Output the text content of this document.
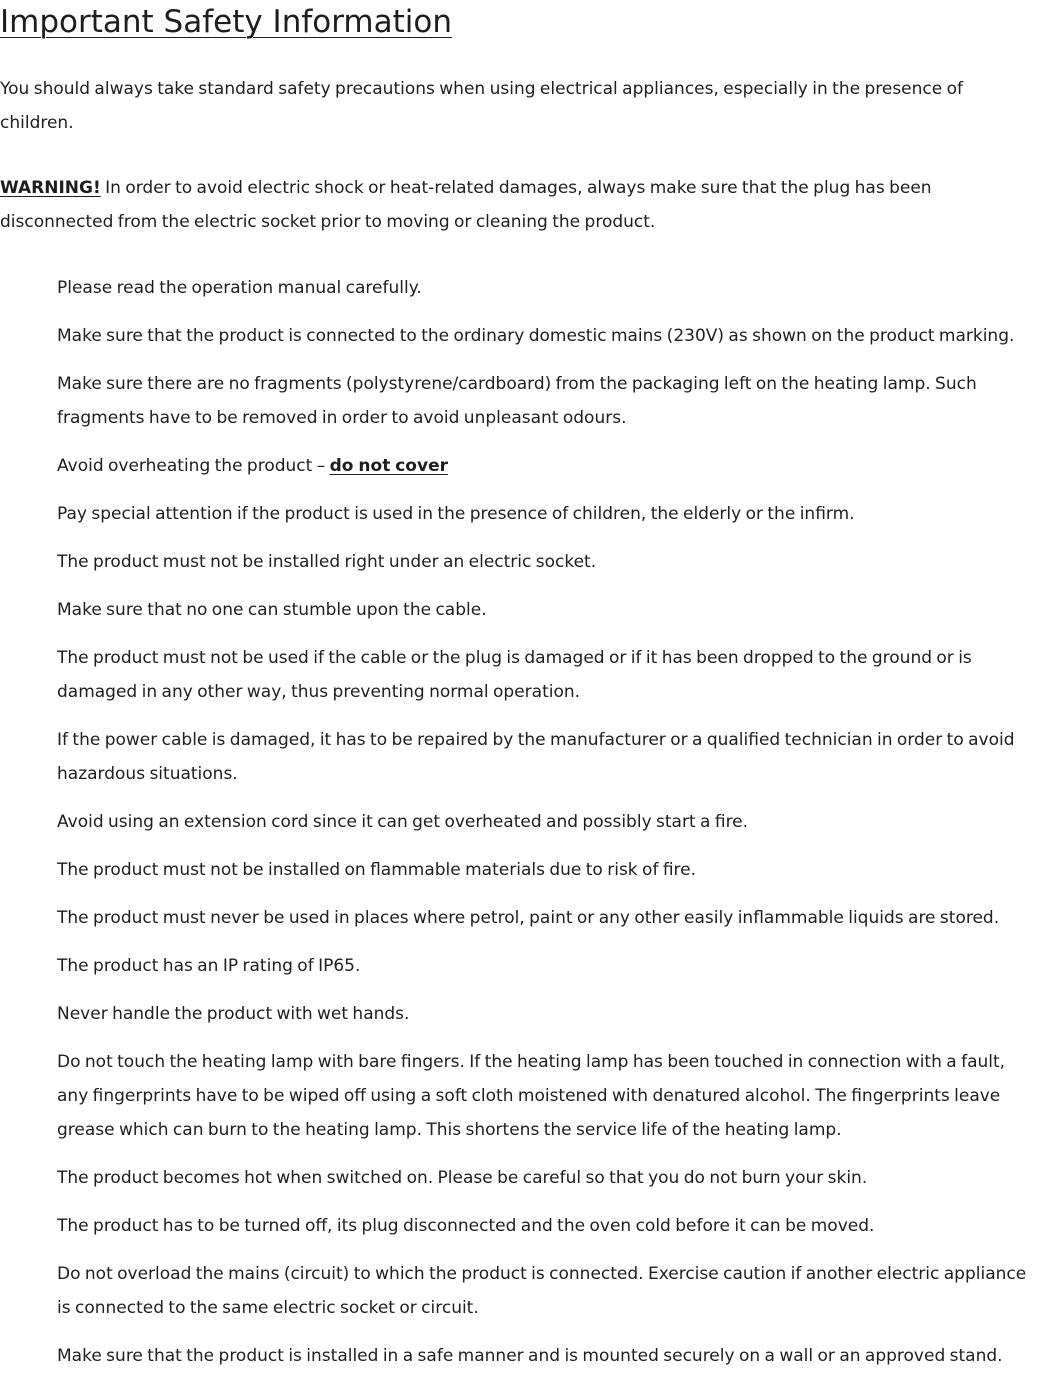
Important Safety Information

You should always take standard safety precautions when using electrical appliances, especially in the presence of children.

WARNING! In order to avoid electric shock or heat-related damages, always make sure that the plug has been disconnected from the electric socket prior to moving or cleaning the product.

Please read the operation manual carefully.
Make sure that the product is connected to the ordinary domestic mains (230V) as shown on the product marking.
Make sure there are no fragments (polystyrene/cardboard) from the packaging left on the heating lamp. Such fragments have to be removed in order to avoid unpleasant odours.
Avoid overheating the product – do not cover
Pay special attention if the product is used in the presence of children, the elderly or the infirm.
The product must not be installed right under an electric socket.
Make sure that no one can stumble upon the cable.
The product must not be used if the cable or the plug is damaged or if it has been dropped to the ground or is damaged in any other way, thus preventing normal operation.
If the power cable is damaged, it has to be repaired by the manufacturer or a qualified technician in order to avoid hazardous situations.
Avoid using an extension cord since it can get overheated and possibly start a fire.
The product must not be installed on flammable materials due to risk of fire.
The product must never be used in places where petrol, paint or any other easily inflammable liquids are stored.
The product has an IP rating of IP65.
Never handle the product with wet hands.
Do not touch the heating lamp with bare fingers. If the heating lamp has been touched in connection with a fault, any fingerprints have to be wiped off using a soft cloth moistened with denatured alcohol. The fingerprints leave grease which can burn to the heating lamp. This shortens the service life of the heating lamp.
The product becomes hot when switched on. Please be careful so that you do not burn your skin.
The product has to be turned off, its plug disconnected and the oven cold before it can be moved.
Do not overload the mains (circuit) to which the product is connected. Exercise caution if another electric appliance is connected to the same electric socket or circuit.
Make sure that the product is installed in a safe manner and is mounted securely on a wall or an approved stand.
